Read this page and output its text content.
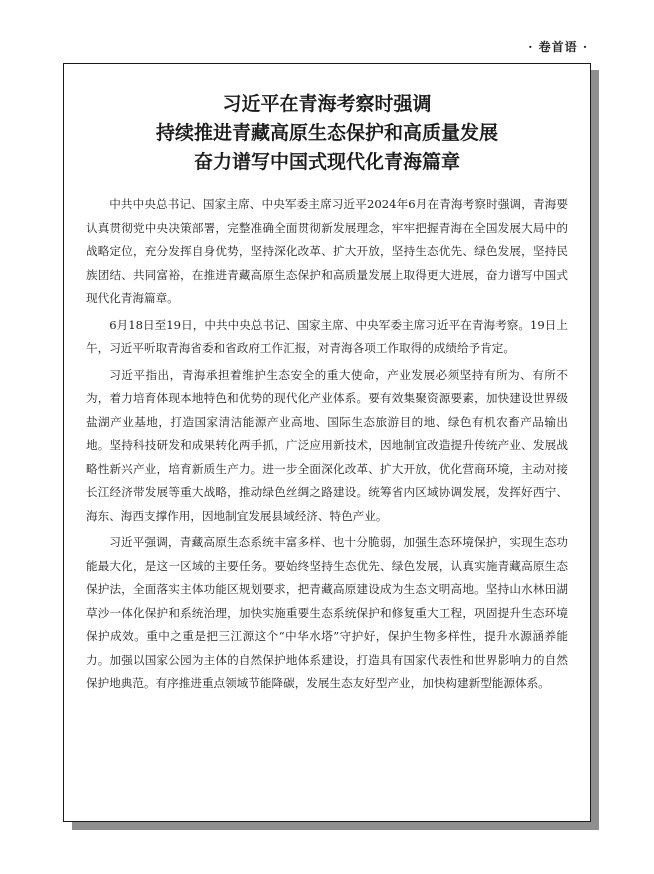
· 卷首语 ·
习近平在青海考察时强调
持续推进青藏高原生态保护和高质量发展
奋力谱写中国式现代化青海篇章

中共中央总书记、国家主席、中央军委主席习近平2024年6月在青海考察时强调，青海要认真贯彻党中央决策部署，完整准确全面贯彻新发展理念，牢牢把握青海在全国发展大局中的战略定位，充分发挥自身优势，坚持深化改革、扩大开放，坚持生态优先、绿色发展，坚持民族团结、共同富裕，在推进青藏高原生态保护和高质量发展上取得更大进展，奋力谱写中国式现代化青海篇章。

6月18日至19日，中共中央总书记、国家主席、中央军委主席习近平在青海考察。19日上午，习近平听取青海省委和省政府工作汇报，对青海各项工作取得的成绩给予肯定。

习近平指出，青海承担着维护生态安全的重大使命，产业发展必须坚持有所为、有所不为，着力培育体现本地特色和优势的现代化产业体系。要有效集聚资源要素，加快建设世界级盐湖产业基地，打造国家清洁能源产业高地、国际生态旅游目的地、绿色有机农畜产品输出地。坚持科技研发和成果转化两手抓，广泛应用新技术，因地制宜改造提升传统产业、发展战略性新兴产业，培育新质生产力。进一步全面深化改革、扩大开放，优化营商环境，主动对接长江经济带发展等重大战略，推动绿色丝绸之路建设。统筹省内区域协调发展，发挥好西宁、海东、海西支撑作用，因地制宜发展县域经济、特色产业。

习近平强调，青藏高原生态系统丰富多样、也十分脆弱，加强生态环境保护，实现生态功能最大化，是这一区域的主要任务。要始终坚持生态优先、绿色发展，认真实施青藏高原生态保护法，全面落实主体功能区规划要求，把青藏高原建设成为生态文明高地。坚持山水林田湖草沙一体化保护和系统治理，加快实施重要生态系统保护和修复重大工程，巩固提升生态环境保护成效。重中之重是把三江源这个“中华水塔”守护好，保护生物多样性，提升水源涵养能力。加强以国家公园为主体的自然保护地体系建设，打造具有国家代表性和世界影响力的自然保护地典范。有序推进重点领域节能降碳，发展生态友好型产业，加快构建新型能源体系。
